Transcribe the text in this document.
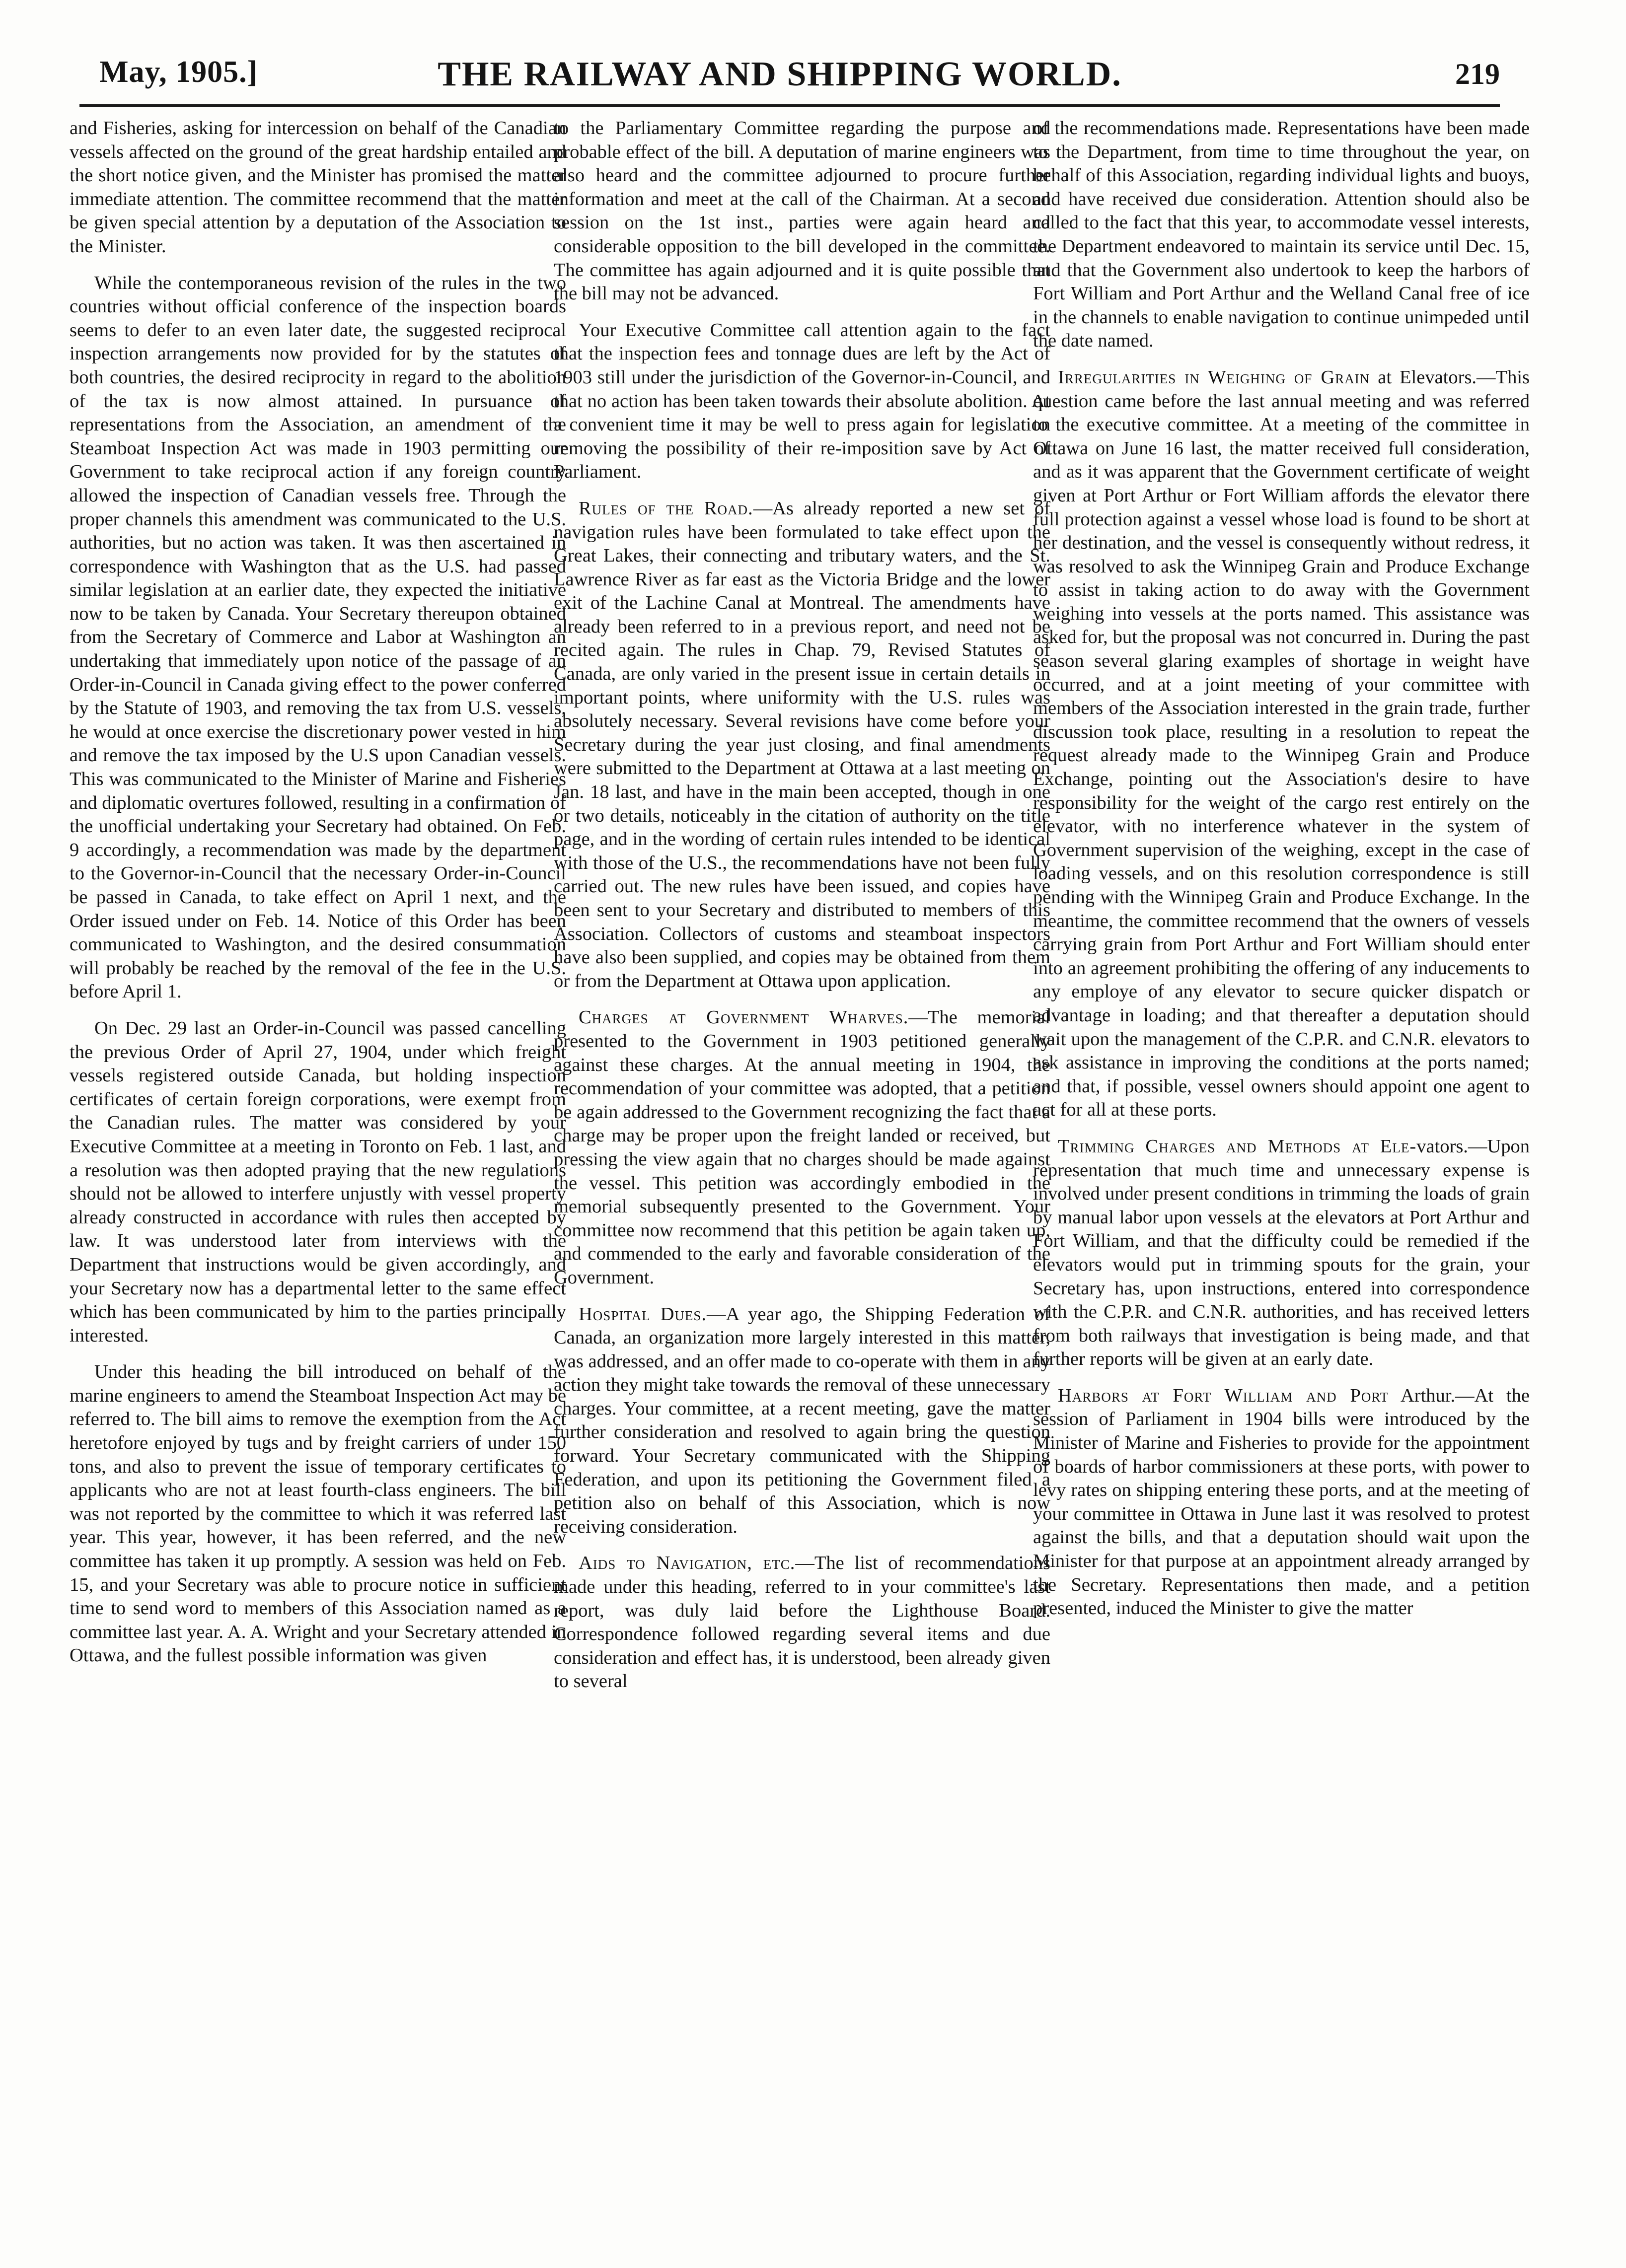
May, 1905.]	THE RAILWAY AND SHIPPING WORLD.	219

and Fisheries, asking for intercession on behalf of the Canadian vessels affected on the ground of the great hardship entailed and the short notice given, and the Minister has promised the matter immediate attention. The committee recommend that the matter be given special attention by a deputation of the Association to the Minister.

While the contemporaneous revision of the rules in the two countries without official conference of the inspection boards seems to defer to an even later date, the suggested reciprocal inspection arrangements now provided for by the statutes of both countries, the desired reciprocity in regard to the abolition of the tax is now almost attained. In pursuance of representations from the Association, an amendment of the Steamboat Inspection Act was made in 1903 permitting our Government to take reciprocal action if any foreign country allowed the inspection of Canadian vessels free. Through the proper channels this amendment was communicated to the U.S. authorities, but no action was taken. It was then ascertained in correspondence with Washington that as the U.S. had passed similar legislation at an earlier date, they expected the initiative now to be taken by Canada. Your Secretary thereupon obtained from the Secretary of Commerce and Labor at Washington an undertaking that immediately upon notice of the passage of an Order-in-Council in Canada giving effect to the power conferred by the Statute of 1903, and removing the tax from U.S. vessels, he would at once exercise the discretionary power vested in him and remove the tax imposed by the U.S upon Canadian vessels. This was communicated to the Minister of Marine and Fisheries and diplomatic overtures followed, resulting in a confirmation of the unofficial undertaking your Secretary had obtained. On Feb. 9 accordingly, a recommendation was made by the department to the Governor-in-Council that the necessary Order-in-Council be passed in Canada, to take effect on April 1 next, and the Order issued under on Feb. 14. Notice of this Order has been communicated to Washington, and the desired consummation will probably be reached by the removal of the fee in the U.S. before April 1.

On Dec. 29 last an Order-in-Council was passed cancelling the previous Order of April 27, 1904, under which freight vessels registered outside Canada, but holding inspection certificates of certain foreign corporations, were exempt from the Canadian rules. The matter was considered by your Executive Committee at a meeting in Toronto on Feb. 1 last, and a resolution was then adopted praying that the new regulations should not be allowed to interfere unjustly with vessel property already constructed in accordance with rules then accepted by law. It was understood later from interviews with the Department that instructions would be given accordingly, and your Secretary now has a departmental letter to the same effect which has been communicated by him to the parties principally interested.

Under this heading the bill introduced on behalf of the marine engineers to amend the Steamboat Inspection Act may be referred to. The bill aims to remove the exemption from the Act heretofore enjoyed by tugs and by freight carriers of under 150 tons, and also to prevent the issue of temporary certificates to applicants who are not at least fourth-class engineers. The bill was not reported by the committee to which it was referred last year. This year, however, it has been referred, and the new committee has taken it up promptly. A session was held on Feb. 15, and your Secretary was able to procure notice in sufficient time to send word to members of this Association named as a committee last year. A. A. Wright and your Secretary attended in Ottawa, and the fullest possible information was given

to the Parliamentary Committee regarding the purpose and probable effect of the bill. A deputation of marine engineers was also heard and the committee adjourned to procure further information and meet at the call of the Chairman. At a second session on the 1st inst., parties were again heard and considerable opposition to the bill developed in the committee. The committee has again adjourned and it is quite possible that the bill may not be advanced.

Your Executive Committee call attention again to the fact that the inspection fees and tonnage dues are left by the Act of 1903 still under the jurisdiction of the Governor-in-Council, and that no action has been taken towards their absolute abolition. At a convenient time it may be well to press again for legislation removing the possibility of their re-imposition save by Act of Parliament.

Rules of the Road.—As already reported a new set of navigation rules have been formulated to take effect upon the Great Lakes, their connecting and tributary waters, and the St. Lawrence River as far east as the Victoria Bridge and the lower exit of the Lachine Canal at Montreal. The amendments have already been referred to in a previous report, and need not be recited again. The rules in Chap. 79, Revised Statutes of Canada, are only varied in the present issue in certain details in important points, where uniformity with the U.S. rules was absolutely necessary. Several revisions have come before your Secretary during the year just closing, and final amendments were submitted to the Department at Ottawa at a last meeting on Jan. 18 last, and have in the main been accepted, though in one or two details, noticeably in the citation of authority on the title page, and in the wording of certain rules intended to be identical with those of the U.S., the recommendations have not been fully carried out. The new rules have been issued, and copies have been sent to your Secretary and distributed to members of this Association. Collectors of customs and steamboat inspectors have also been supplied, and copies may be obtained from them or from the Department at Ottawa upon application.

Charges at Government Wharves.—The memorial presented to the Government in 1903 petitioned generally against these charges. At the annual meeting in 1904, the recommendation of your committee was adopted, that a petition be again addressed to the Government recognizing the fact that a charge may be proper upon the freight landed or received, but pressing the view again that no charges should be made against the vessel. This petition was accordingly embodied in the memorial subsequently presented to the Government. Your committee now recommend that this petition be again taken up, and commended to the early and favorable consideration of the Government.

Hospital Dues.—A year ago, the Shipping Federation of Canada, an organization more largely interested in this matter, was addressed, and an offer made to co-operate with them in any action they might take towards the removal of these unnecessary charges. Your committee, at a recent meeting, gave the matter further consideration and resolved to again bring the question forward. Your Secretary communicated with the Shipping Federation, and upon its petitioning the Government filed a petition also on behalf of this Association, which is now receiving consideration.

Aids to Navigation, etc.—The list of recommendations made under this heading, referred to in your committee's last report, was duly laid before the Lighthouse Board. Correspondence followed regarding several items and due consideration and effect has, it is understood, been already given to several

of the recommendations made. Representations have been made to the Department, from time to time throughout the year, on behalf of this Association, regarding individual lights and buoys, and have received due consideration. Attention should also be called to the fact that this year, to accommodate vessel interests, the Department endeavored to maintain its service until Dec. 15, and that the Government also undertook to keep the harbors of Fort William and Port Arthur and the Welland Canal free of ice in the channels to enable navigation to continue unimpeded until the date named.

Irregularities in Weighing of Grain at Elevators.—This question came before the last annual meeting and was referred to the executive committee. At a meeting of the committee in Ottawa on June 16 last, the matter received full consideration, and as it was apparent that the Government certificate of weight given at Port Arthur or Fort William affords the elevator there full protection against a vessel whose load is found to be short at her destination, and the vessel is consequently without redress, it was resolved to ask the Winnipeg Grain and Produce Exchange to assist in taking action to do away with the Government weighing into vessels at the ports named. This assistance was asked for, but the proposal was not concurred in. During the past season several glaring examples of shortage in weight have occurred, and at a joint meeting of your committee with members of the Association interested in the grain trade, further discussion took place, resulting in a resolution to repeat the request already made to the Winnipeg Grain and Produce Exchange, pointing out the Association's desire to have responsibility for the weight of the cargo rest entirely on the elevator, with no interference whatever in the system of Government supervision of the weighing, except in the case of loading vessels, and on this resolution correspondence is still pending with the Winnipeg Grain and Produce Exchange. In the meantime, the committee recommend that the owners of vessels carrying grain from Port Arthur and Fort William should enter into an agreement prohibiting the offering of any inducements to any employe of any elevator to secure quicker dispatch or advantage in loading; and that thereafter a deputation should wait upon the management of the C.P.R. and C.N.R. elevators to ask assistance in improving the conditions at the ports named; and that, if possible, vessel owners should appoint one agent to act for all at these ports.

Trimming Charges and Methods at Ele-vators.—Upon representation that much time and unnecessary expense is involved under present conditions in trimming the loads of grain by manual labor upon vessels at the elevators at Port Arthur and Fort William, and that the difficulty could be remedied if the elevators would put in trimming spouts for the grain, your Secretary has, upon instructions, entered into correspondence with the C.P.R. and C.N.R. authorities, and has received letters from both railways that investigation is being made, and that further reports will be given at an early date.

Harbors at Fort William and Port Arthur.—At the session of Parliament in 1904 bills were introduced by the Minister of Marine and Fisheries to provide for the appointment of boards of harbor commissioners at these ports, with power to levy rates on shipping entering these ports, and at the meeting of your committee in Ottawa in June last it was resolved to protest against the bills, and that a deputation should wait upon the Minister for that purpose at an appointment already arranged by the Secretary. Representations then made, and a petition presented, induced the Minister to give the matter
